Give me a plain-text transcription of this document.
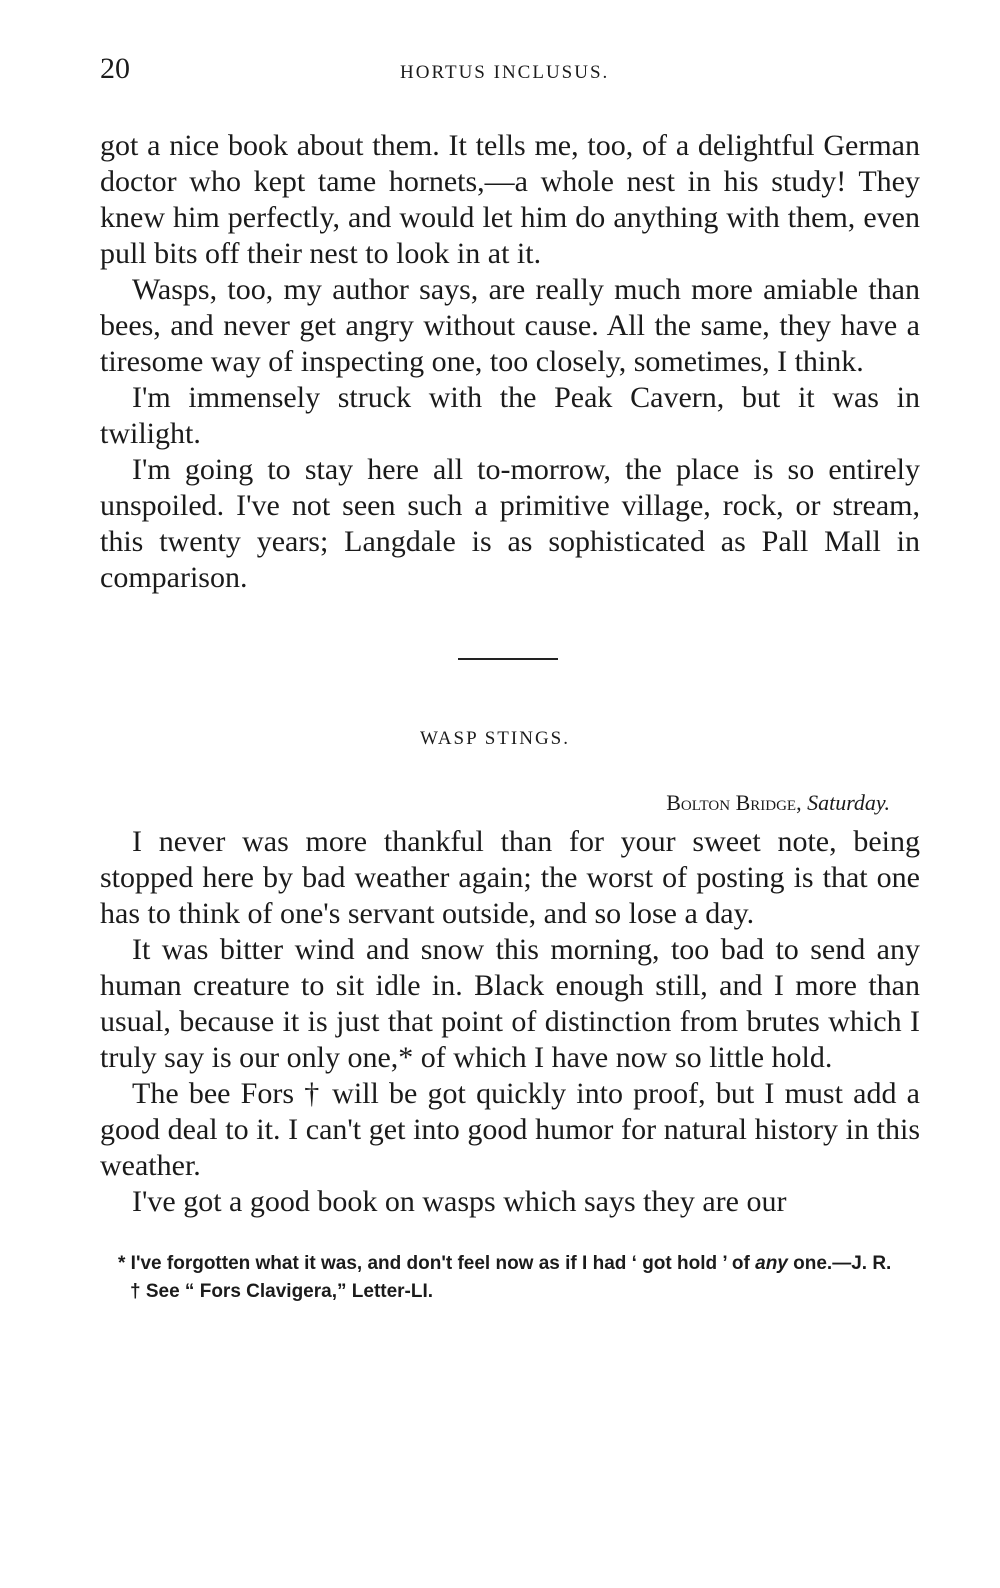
20	HORTUS INCLUSUS.

got a nice book about them. It tells me, too, of a delightful German doctor who kept tame hornets,—a whole nest in his study! They knew him perfectly, and would let him do anything with them, even pull bits off their nest to look in at it.

Wasps, too, my author says, are really much more amiable than bees, and never get angry without cause. All the same, they have a tiresome way of inspecting one, too closely, sometimes, I think.

I'm immensely struck with the Peak Cavern, but it was in twilight.

I'm going to stay here all to-morrow, the place is so entirely unspoiled. I've not seen such a primitive village, rock, or stream, this twenty years; Langdale is as sophisticated as Pall Mall in comparison.

WASP STINGS.
Bolton Bridge, Saturday.

I never was more thankful than for your sweet note, being stopped here by bad weather again; the worst of posting is that one has to think of one's servant outside, and so lose a day.

It was bitter wind and snow this morning, too bad to send any human creature to sit idle in. Black enough still, and I more than usual, because it is just that point of distinction from brutes which I truly say is our only one,* of which I have now so little hold.

The bee Fors † will be got quickly into proof, but I must add a good deal to it. I can't get into good humor for natural history in this weather.

I've got a good book on wasps which says they are our

* I've forgotten what it was, and don't feel now as if I had ‘ got hold ’ of any one.—J. R.

† See “ Fors Clavigera,” Letter-LI.
